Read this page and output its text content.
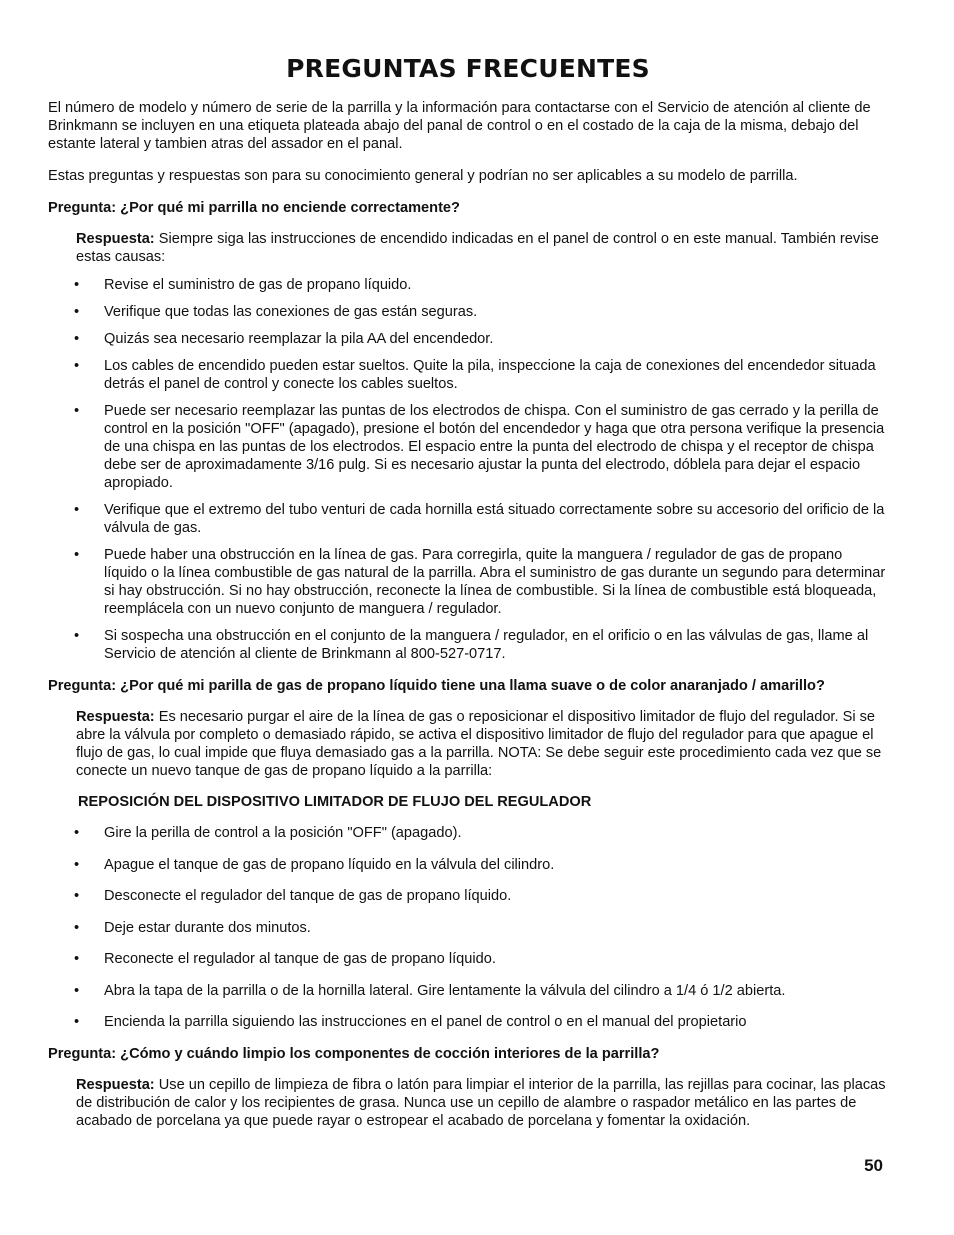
PREGUNTAS FRECUENTES

El número de modelo y número de serie de la parrilla y la información para contactarse con el Servicio de atención al cliente de Brinkmann se incluyen en una etiqueta plateada abajo del panal de control o en el costado de la caja de la misma, debajo del estante lateral y tambien atras del assador en el panal.

Estas preguntas y respuestas son para su conocimiento general y podrían no ser aplicables a su modelo de parrilla.

Pregunta: ¿Por qué mi parrilla no enciende correctamente?

Respuesta: Siempre siga las instrucciones de encendido indicadas en el panel de control o en este manual. También revise estas causas:

• Revise el suministro de gas de propano líquido.
• Verifique que todas las conexiones de gas están seguras.
• Quizás sea necesario reemplazar la pila AA del encendedor.
• Los cables de encendido pueden estar sueltos. Quite la pila, inspeccione la caja de conexiones del encendedor situada detrás el panel de control y conecte los cables sueltos.
• Puede ser necesario reemplazar las puntas de los electrodos de chispa. Con el suministro de gas cerrado y la perilla de control en la posición "OFF" (apagado), presione el botón del encendedor y haga que otra persona verifique la presencia de una chispa en las puntas de los electrodos. El espacio entre la punta del electrodo de chispa y el receptor de chispa debe ser de aproximadamente 3/16 pulg. Si es necesario ajustar la punta del electrodo, dóblela para dejar el espacio apropiado.
• Verifique que el extremo del tubo venturi de cada hornilla está situado correctamente sobre su accesorio del orificio de la válvula de gas.
• Puede haber una obstrucción en la línea de gas. Para corregirla, quite la manguera / regulador de gas de propano líquido o la línea combustible de gas natural de la parrilla. Abra el suministro de gas durante un segundo para determinar si hay obstrucción. Si no hay obstrucción, reconecte la línea de combustible. Si la línea de combustible está bloqueada, reemplácela con un nuevo conjunto de manguera / regulador.
• Si sospecha una obstrucción en el conjunto de la manguera / regulador, en el orificio o en las válvulas de gas, llame al Servicio de atención al cliente de Brinkmann al 800-527-0717.

Pregunta: ¿Por qué mi parilla de gas de propano líquido tiene una llama suave o de color anaranjado / amarillo?

Respuesta: Es necesario purgar el aire de la línea de gas o reposicionar el dispositivo limitador de flujo del regulador. Si se abre la válvula por completo o demasiado rápido, se activa el dispositivo limitador de flujo del regulador para que apague el flujo de gas, lo cual impide que fluya demasiado gas a la parrilla. NOTA: Se debe seguir este procedimiento cada vez que se conecte un nuevo tanque de gas de propano líquido a la parrilla:

REPOSICIÓN DEL DISPOSITIVO LIMITADOR DE FLUJO DEL REGULADOR

• Gire la perilla de control a la posición "OFF" (apagado).
• Apague el tanque de gas de propano líquido en la válvula del cilindro.
• Desconecte el regulador del tanque de gas de propano líquido.
• Deje estar durante dos minutos.
• Reconecte el regulador al tanque de gas de propano líquido.
• Abra la tapa de la parrilla o de la hornilla lateral. Gire lentamente la válvula del cilindro a 1/4 ó 1/2 abierta.
• Encienda la parrilla siguiendo las instrucciones en el panel de control o en el manual del propietario

Pregunta: ¿Cómo y cuándo limpio los componentes de cocción interiores de la parrilla?

Respuesta: Use un cepillo de limpieza de fibra o latón para limpiar el interior de la parrilla, las rejillas para cocinar, las placas de distribución de calor y los recipientes de grasa. Nunca use un cepillo de alambre o raspador metálico en las partes de acabado de porcelana ya que puede rayar o estropear el acabado de porcelana y fomentar la oxidación.

50
